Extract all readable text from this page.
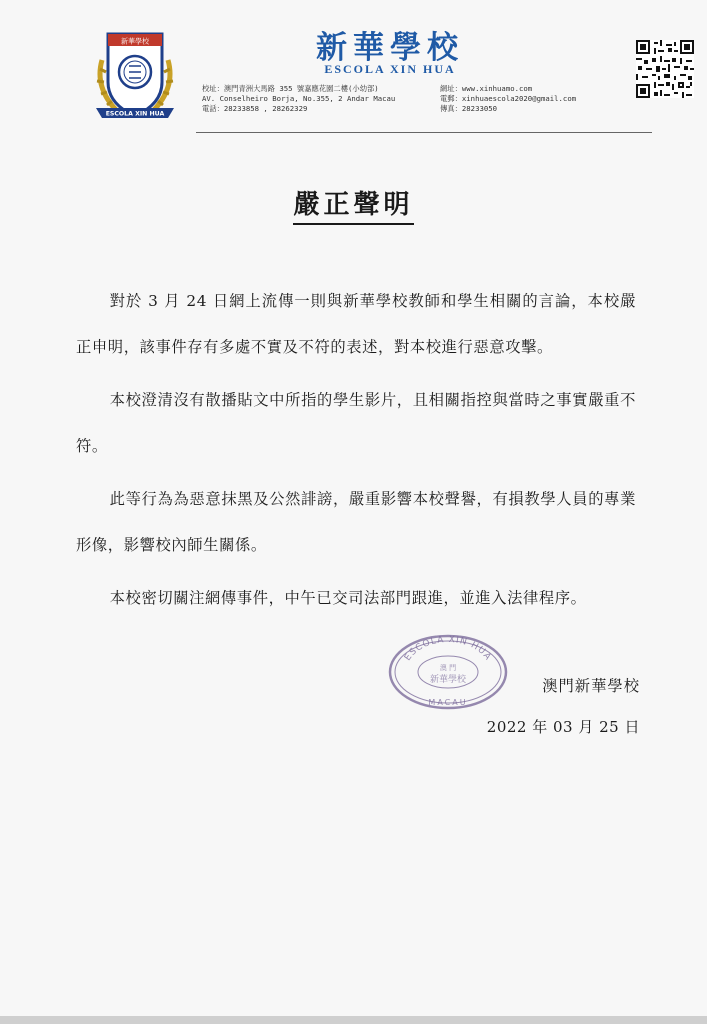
新華學校
ESCOLA XIN HUA
新華學校
ESCOLA XIN HUA
校址：澳門青洲大馬路 355 號嘉應花園二樓(小幼部)
AV. Conselheiro Borja, No.355, 2 Andar Macau
電話：28233858 , 28262329
網址：www.xinhuamo.com
電郵：xinhuaescola2020@gmail.com
傳真：28233050
嚴正聲明

對於 3 月 24 日網上流傳一則與新華學校教師和學生相關的言論，本校嚴正申明，該事件存有多處不實及不符的表述，對本校進行惡意攻擊。

本校澄清沒有散播貼文中所指的學生影片，且相關指控與當時之事實嚴重不符。

此等行為為惡意抹黑及公然誹謗，嚴重影響本校聲譽，有損教學人員的專業形像，影響校內師生關係。

本校密切關注網傳事件，中午已交司法部門跟進，並進入法律程序。

ESCOLA XIN HUA
澳 門
新華學校
MACAU
澳門新華學校
2022 年 03 月 25 日
